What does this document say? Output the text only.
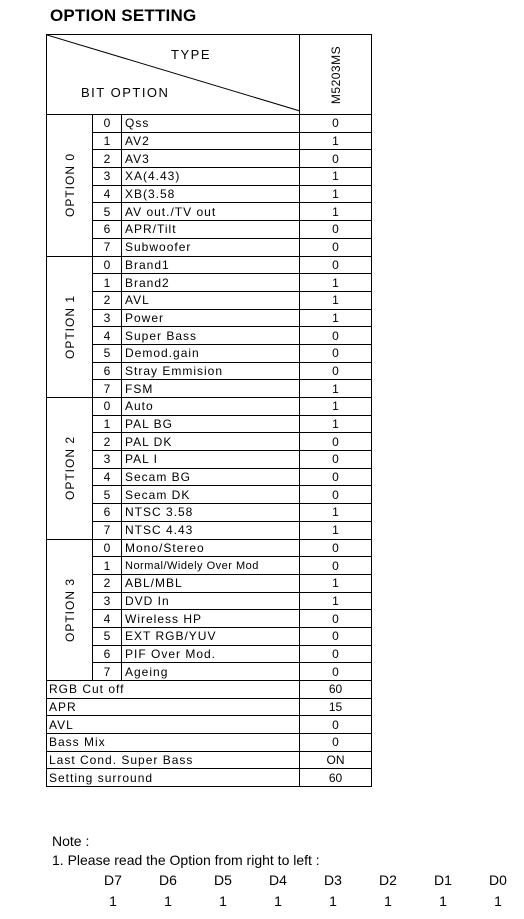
OPTION SETTING
TYPE
BIT OPTION			M5203MS

OPTION 0	0	Qss	0
	1	AV2	1
	2	AV3	0
	3	XA(4.43)	1
	4	XB(3.58	1
	5	AV out./TV out	1
	6	APR/Tilt	0
	7	Subwoofer	0

OPTION 1	0	Brand1	0
	1	Brand2	1
	2	AVL	1
	3	Power	1
	4	Super Bass	0
	5	Demod.gain	0
	6	Stray Emmision	0
	7	FSM	1

OPTION 2	0	Auto	1
	1	PAL BG	1
	2	PAL DK	0
	3	PAL I	0
	4	Secam BG	0
	5	Secam DK	0
	6	NTSC 3.58	1
	7	NTSC 4.43	1

OPTION 3	0	Mono/Stereo	0
	1	Normal/Widely Over Mod	0
	2	ABL/MBL	1
	3	DVD In	1
	4	Wireless HP	0
	5	EXT RGB/YUV	0
	6	PIF Over Mod.	0
	7	Ageing	0
RGB Cut off			60
APR			15
AVL			0
Bass Mix			0
Last Cond. Super Bass			ON
Setting surround			60
Note :
1. Please read the Option from right to left :
D7	D6	D5	D4	D3	D2	D1	D0
1	1	1	1	1	1	1	1
